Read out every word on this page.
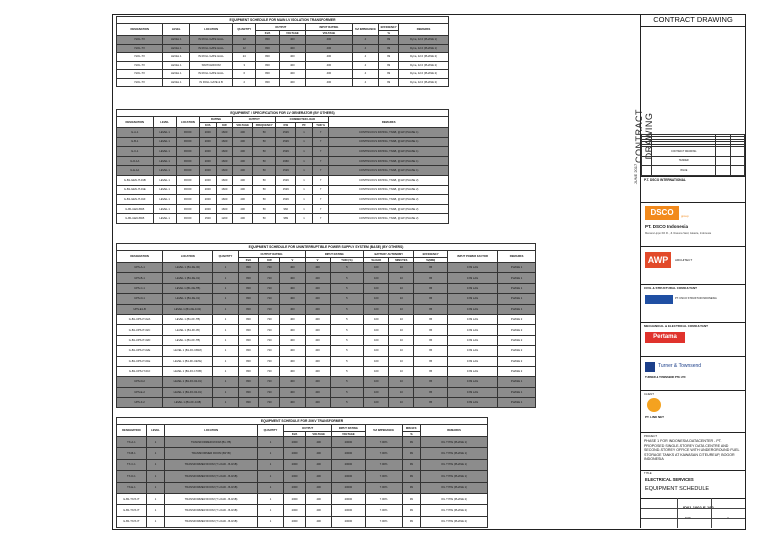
EQUIPMENT SCHEDULE FOR MAIN LV ISOLATION TRANSFORMER
DESIGNATION	LEVEL	LOCATION	QUANTITY	OUTPUT		INPUT RATING	%Z IMPEDANCE	EFFICIENCY	REMARKS
				KVA	VOLTAGE	VOLTAGE		%	
ISOL-TX	LEVEL 1	IN ROLL GATE HALL	12	800	400	400	4	99	Dyna, 42.0 (PHASE 1)
ISOL-TX	LEVEL 1	IN ROLL GATE HALL	12	800	400	400	4	99	Dyna, 42.0 (PHASE 1)
ISOL-TX	LEVEL 1	IN ROLL GATE HALL	24	800	400	400	4	99	Dyna, 42.0 (PHASE 2)
ISOL-TX	LEVEL 1	SWITCHROOM	3	800	400	400	4	99	Dyna, 42.0 (PHASE 2)
ISOL-TX	LEVEL 1	IN ROLL GATE HALL	6	800	400	400	4	99	Dyna, 42.0 (PHASE 2)
ISOL-TX	LEVEL 1	IN ROLL GATE & B	2	800	400	400	4	99	Dyna, 42.0 (PHASE 2)
EQUIPMENT / SPECIFICATION FOR LV GENERATOR (BY OTHERS)
DESIGNATION	LEVEL	LOCATION	RATING		OUTPUT		CONNECTED LOAD			REMARKS
			KVA	KW	VOLTAGE	FREQUENCY	KW	PF	THD %	
G-A-1	LEVEL 1	ROOF	2000	1600	400	50	1529	1	7	CONTINUOUS RATING, TNAB, @1W (PHASE 1)
G-B-1	LEVEL 1	ROOF	2000	1600	400	50	1529	1	7	CONTINUOUS RATING, TNAB, @1W (PHASE 1)
G-C-1	LEVEL 1	ROOF	2000	1600	400	50	1529	1	7	CONTINUOUS RATING, TNAB, @1W (PHASE 1)
G-D-1A	LEVEL 1	ROOF	2000	1600	400	50	1960	1	7	CONTINUOUS RATING, TNAB, @1W (PHASE 1)
G-E-1A	LEVEL 1	ROOF	2000	1600	400	50	1529	1	7	CONTINUOUS RATING, TNAB, @1W (PHASE 1)
G-B1-GEN-IT-01B	LEVEL 1	ROOF	2000	1600	400	50	1529	1	7	CONTINUOUS RATING, TNAB, @1W (PHASE 2)
G-B1-GEN-IT-01E	LEVEL 1	ROOF	2000	1600	400	50	1529	1	7	CONTINUOUS RATING, TNAB, @1W (PHASE 2)
G-B1-GEN-IT-01F	LEVEL 1	ROOF	2000	1600	400	50	1529	1	7	CONTINUOUS RATING, TNAB, @1W (PHASE 2)
G-B1-GEN-B1B	LEVEL 1	ROOF	2000	1600	400	50	960	1	7	CONTINUOUS RATING, TNAB, @1W (PHASE 2)
G-B1-GEN-B1B	LEVEL 1	ROOF	1500	1200	400	50	989	1	7	CONTINUOUS RATING, TNAB, @1W (PHASE 2)
EQUIPMENT SCHEDULE FOR UNINTERRUPTIBLE POWER SUPPLY SYSTEM (BASE) (BY OTHERS)
DESIGNATION	LOCATION	QUANTITY	OUTPUT RATING			INPUT RATING		BATTERY AUTONOMY		EFFICIENCY	INPUT POWER FACTOR	REMARKS
			KVA	KW	V	V	THDI (%)	%LOAD	MINUTES	%(MIN)		
UPS-A-1	LEVEL 1 (B1-FE-00)	1	800	720	400	400	5	100	10	95	0.99 LAG	PHASE 1
UPS-B-1	LEVEL 1 (B1-FE-01)	1	800	720	400	400	5	100	10	95	0.99 LAG	PHASE 1
UPS-C-1	LEVEL 1 (B1-FE-TB)	1	800	720	400	400	5	100	10	95	0.99 LAG	PHASE 1
UPS-D-1	LEVEL 1 (B1-FE-01)	1	800	720	400	400	5	100	10	95	0.99 LAG	PHASE 1
UPS-E1-B	LEVEL 1 (B1-FE-0-01)	1	800	720	400	400	5	100	10	95	0.99 LAG	PHASE 1
G-B1-UPS-IT-02A	LEVEL 1 (B1-FF-TB)	1	800	720	400	400	5	100	10	95	0.99 LAG	PHASE 2
G-B1-UPS-IT-02C	LEVEL 1 (B1-FF-05)	1	800	720	400	400	5	100	10	95	0.99 LAG	PHASE 2
G-B1-UPS-IT-02D	LEVEL 1 (B1-FF-TB)	1	800	720	400	400	5	100	10	95	0.99 LAG	PHASE 2
G-B1-UPS-IT-02E	LEVEL 1 (B1-FF-CB18)	1	800	720	400	400	5	100	10	95	0.99 LAG	PHASE 2
G-B1-UPS-IT-01E	LEVEL 1 (B1-FF-UE7E)	1	800	720	400	400	5	100	10	95	0.99 LAG	PHASE 2
G-B1-UPS-IT-01F	LEVEL 1 (B1-FF-17OB)	1	800	720	400	400	5	100	10	95	0.99 LAG	PHASE 2
UPS-D-2	LEVEL 1 (B1-FF-02-01)	1	800	720	400	400	5	100	10	95	0.99 LAG	PHASE 1
UPS-E-2	LEVEL 1 (B1-FF-02-01)	1	800	720	400	400	5	100	10	95	0.99 LAG	PHASE 1
UPS-F-2	LEVEL 1 (B1-FF-0-08)	1	800	720	400	400	5	100	10	95	0.99 LAG	PHASE 1
EQUIPMENT SCHEDULE FOR 20KV TRANSFORMER
DESIGNATION	LEVEL	LOCATION	QUANTITY	OUTPUT		INPUT RATING	%Z IMPEDANCE	MIN EFF.	REMARKS
				KVA	VOLTAGE	VOLTAGE		%	
TX-A-1	1	TRANSFORMER ROOM (B1-YB)	1	2000	400	20000	7.00%	99	OIL TYPE (PHASE 1)
TX-B-1	1	TRANSFORMER ROOM (B1YB)	1	2000	400	20000	7.00%	99	OIL TYPE (PHASE 1)
TX-C-1	1	TRANSFORMER ROOM (T LOAD - B-0/1B)	1	2000	400	20000	7.00%	99	OIL TYPE (PHASE 1)
TX-D-1	1	TRANSFORMER ROOM (T LOAD - B-0/1B)	1	2000	400	20000	7.00%	99	OIL TYPE (PHASE 1)
TX-E-1	1	TRANSFORMER ROOM (T LOAD - B-0/1B)	1	2000	400	20000	7.00%	99	OIL TYPE (PHASE 1)
G-B1-TX/X-IT	1	TRANSFORMER ROOM (T LOAD - B-0/1B)	1	2000	400	20000	7.00%	99	OIL TYPE (PHASE 2)
G-B1-TX/X-IT	1	TRANSFORMER ROOM (T LOAD - B-0/1B)	1	2000	400	20000	7.00%	99	OIL TYPE (PHASE 2)
G-B1-TX/X-IT	1	TRANSFORMER ROOM (T LOAD - B-0/1B)	1	2000	400	20000	7.00%	99	OIL TYPE (PHASE 2)
CONTRACT DRAWING
JUNE 2017
CONTRACT DRAWING

	CONTRACT DRAWING		
	TENDER		
	ISSUE		
P.T. DSCO INTERNATIONAL
DSCO	group
PT. DSCO Indonesia
Menara Lippo 6th Fl., Jl. Rasuna Said, Jakarta, Indonesia
AWP	ARCHITECT
CIVIL & STRUCTURAL CONSULTANT
PT. DSCO STRUKTUR INDONESIA
MECHANICAL & ELECTRICAL CONSULTANT
Pertama
Turner & Townsend
TURNER & TOWNSEND PTE LTD
CLIENT
PT. LINK NET
PROJECT
PHASE 1 FOR INDONESIA DATACENTER - PT. PROPOSED SINGLE-STOREY DATA CENTRE AND SECOND-STOREY OFFICE WITH UNDERGROUND FUEL STORAGE TANKS AT KAWASAN CITEUREUP, BOGOR INDONESIA
TITLE
ELECTRICAL SERVICES
EQUIPMENT SCHEDULE
ID01-1002-E-192
NTS	A
